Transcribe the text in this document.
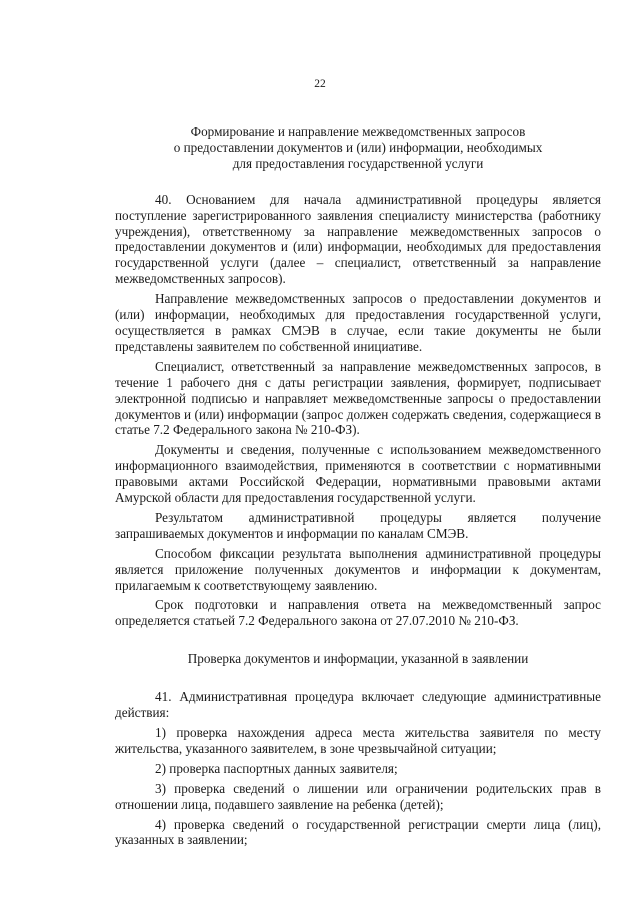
22
Формирование и направление межведомственных запросов
о предоставлении документов и (или) информации, необходимых
для предоставления государственной услуги

40. Основанием для начала административной процедуры является поступление зарегистрированного заявления специалисту министерства (работнику учреждения), ответственному за направление межведомственных запросов о предоставлении документов и (или) информации, необходимых для предоставления государственной услуги (далее – специалист, ответственный за направление межведомственных запросов).

Направление межведомственных запросов о предоставлении документов и (или) информации, необходимых для предоставления государственной услуги, осуществляется в рамках СМЭВ в случае, если такие документы не были представлены заявителем по собственной инициативе.

Специалист, ответственный за направление межведомственных запросов, в течение 1 рабочего дня с даты регистрации заявления, формирует, подписывает электронной подписью и направляет межведомственные запросы о предоставлении документов и (или) информации (запрос должен содержать сведения, содержащиеся в статье 7.2 Федерального закона № 210-ФЗ).

Документы и сведения, полученные с использованием межведомственного информационного взаимодействия, применяются в соответствии с нормативными правовыми актами Российской Федерации, нормативными правовыми актами Амурской области для предоставления государственной услуги.

Результатом административной процедуры является получение запрашиваемых документов и информации по каналам СМЭВ.

Способом фиксации результата выполнения административной процедуры является приложение полученных документов и информации к документам, прилагаемым к соответствующему заявлению.

Срок подготовки и направления ответа на межведомственный запрос определяется статьей 7.2 Федерального закона от 27.07.2010 № 210-ФЗ.

Проверка документов и информации, указанной в заявлении

41. Административная процедура включает следующие административные действия:

1) проверка нахождения адреса места жительства заявителя по месту жительства, указанного заявителем, в зоне чрезвычайной ситуации;

2) проверка паспортных данных заявителя;

3) проверка сведений о лишении или ограничении родительских прав в отношении лица, подавшего заявление на ребенка (детей);

4) проверка сведений о государственной регистрации смерти лица (лиц), указанных в заявлении;
